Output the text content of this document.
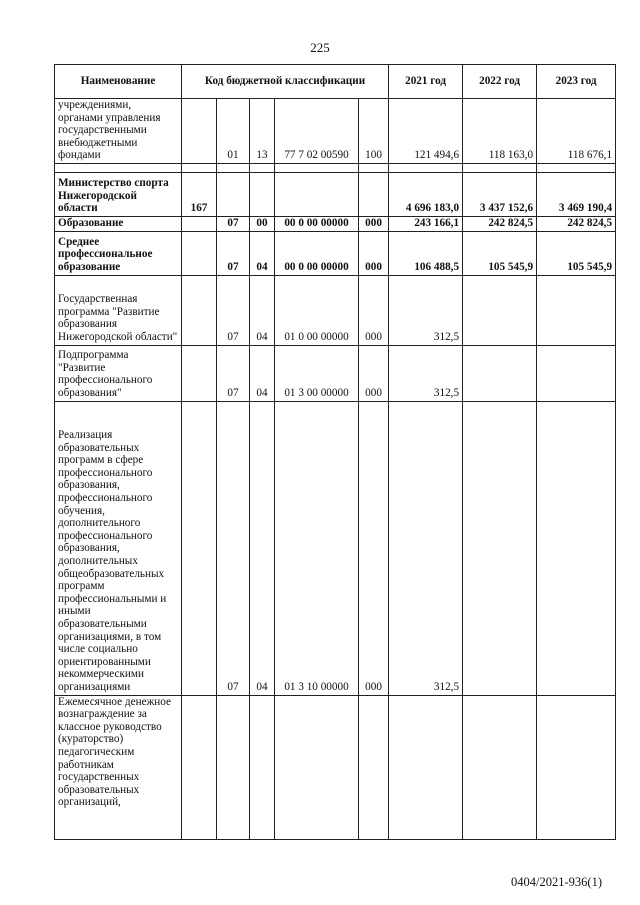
225
Наименование	Код бюджетной классификации					2021 год	2022 год	2023 год
учреждениями, органами управления государственными внебюджетными фондами		01	13	77 7 02 00590	100	121 494,6	118 163,0	118 676,1

Министерство спорта Нижегородской области	167					4 696 183,0	3 437 152,6	3 469 190,4
Образование		07	00	00 0 00 00000	000	243 166,1	242 824,5	242 824,5
Среднее профессиональное образование		07	04	00 0 00 00000	000	106 488,5	105 545,9	105 545,9
Государственная программа "Развитие образования Нижегородской области"		07	04	01 0 00 00000	000	312,5		
Подпрограмма "Развитие профессионального образования"		07	04	01 3 00 00000	000	312,5		
Реализация образовательных программ в сфере профессионального образования, профессионального обучения, дополнительного профессионального образования, дополнительных общеобразовательных программ профессиональными и иными образовательными организациями, в том числе социально ориентированными некоммерческими организациями		07	04	01 3 10 00000	000	312,5		
Ежемесячное денежное вознаграждение за классное руководство (кураторство) педагогическим работникам государственных образовательных организаций,								
0404/2021-936(1)
